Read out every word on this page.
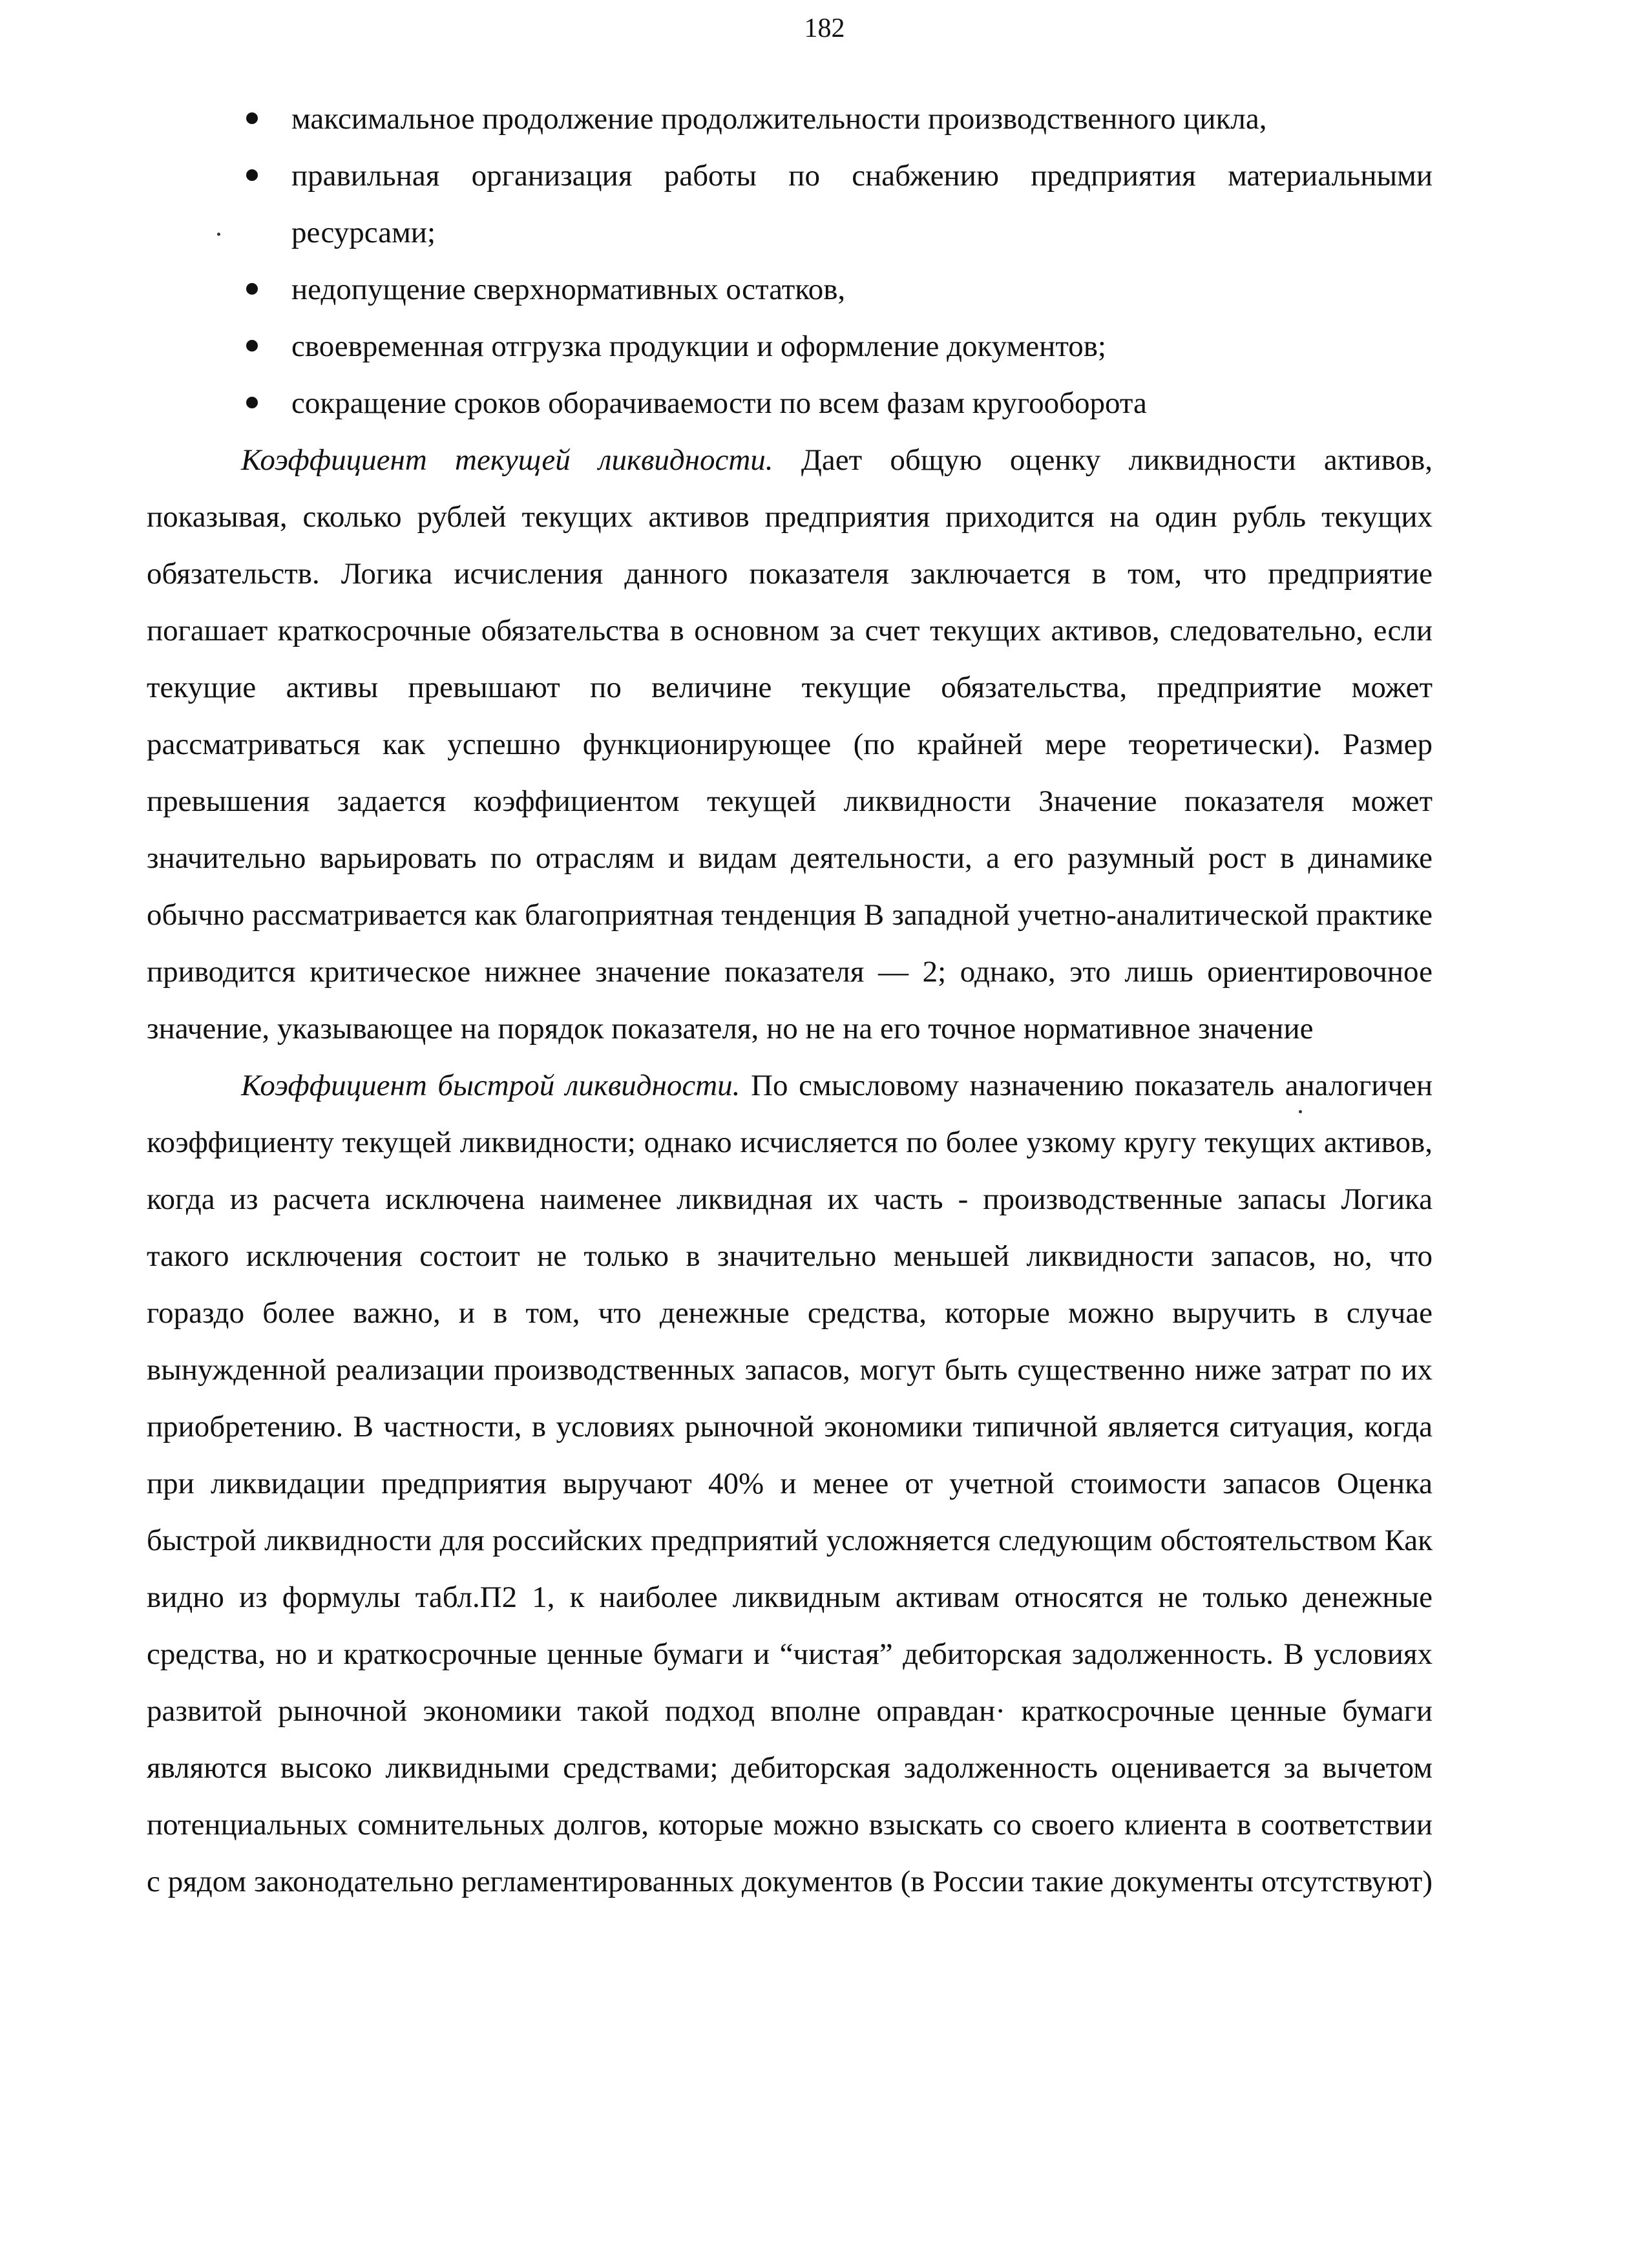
182
максимальное продолжение продолжительности производственного цикла,
правильная организация работы по снабжению предприятия материальными ресурсами;
недопущение сверхнормативных остатков,
своевременная отгрузка продукции и оформление документов;
сокращение сроков оборачиваемости по всем фазам кругооборота

Коэффициент текущей ликвидности. Дает общую оценку ликвидности активов, показывая, сколько рублей текущих активов предприятия приходится на один рубль текущих обязательств. Логика исчисления данного показателя заключается в том, что предприятие погашает краткосрочные обязательства в основном за счет текущих активов, следовательно, если текущие активы превышают по величине текущие обязательства, предприятие может рассматриваться как успешно функционирующее (по крайней мере теоретически). Размер превышения задается коэффициентом текущей ликвидности Значение показателя может значительно варьировать по отраслям и видам деятельности, а его разумный рост в динамике обычно рассматривается как благоприятная тенденция В западной учетно-аналитической практике приводится критическое нижнее значение показателя — 2; однако, это лишь ориентировочное значение, указывающее на порядок показателя, но не на его точное нормативное значение

Коэффициент быстрой ликвидности. По смысловому назначению показатель аналогичен коэффициенту текущей ликвидности; однако исчисляется по более узкому кругу текущих активов, когда из расчета исключена наименее ликвидная их часть - производственные запасы Логика такого исключения состоит не только в значительно меньшей ликвидности запасов, но, что гораздо более важно, и в том, что денежные средства, которые можно выручить в случае вынужденной реализации производственных запасов, могут быть существенно ниже затрат по их приобретению. В частности, в условиях рыночной экономики типичной является ситуация, когда при ликвидации предприятия выручают 40% и менее от учетной стоимости запасов Оценка быстрой ликвидности для российских предприятий усложняется следующим обстоятельством Как видно из формулы табл.П2 1, к наиболее ликвидным активам относятся не только денежные средства, но и краткосрочные ценные бумаги и “чистая” дебиторская задолженность. В условиях развитой рыночной экономики такой подход вполне оправдан· краткосрочные ценные бумаги являются высоко ликвидными средствами; дебиторская задолженность оценивается за вычетом потенциальных сомнительных долгов, которые можно взыскать со своего клиента в соответствии с рядом законодательно регламентированных документов (в России такие документы отсутствуют)
